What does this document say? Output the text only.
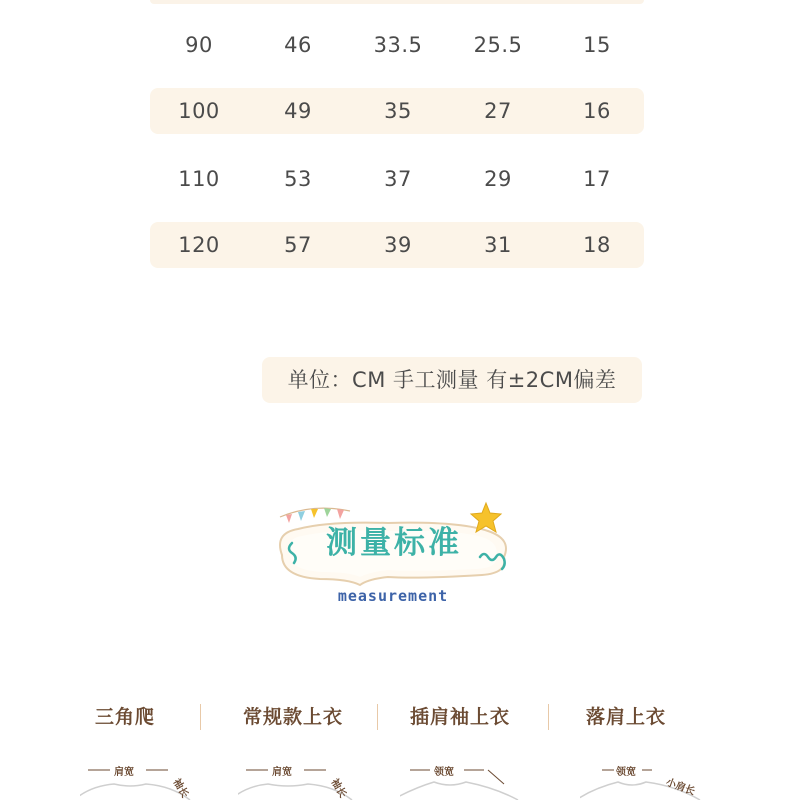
90	46	33.5	25.5	15
100	49	35	27	16
110	53	37	29	17
120	57	39	31	18
单位：CM 手工测量 有±2CM偏差
测量标准
measurement
三角爬	常规款上衣	插肩袖上衣	落肩上衣
肩宽
袖长
肩宽
袖长
领宽	领宽
小肩长
